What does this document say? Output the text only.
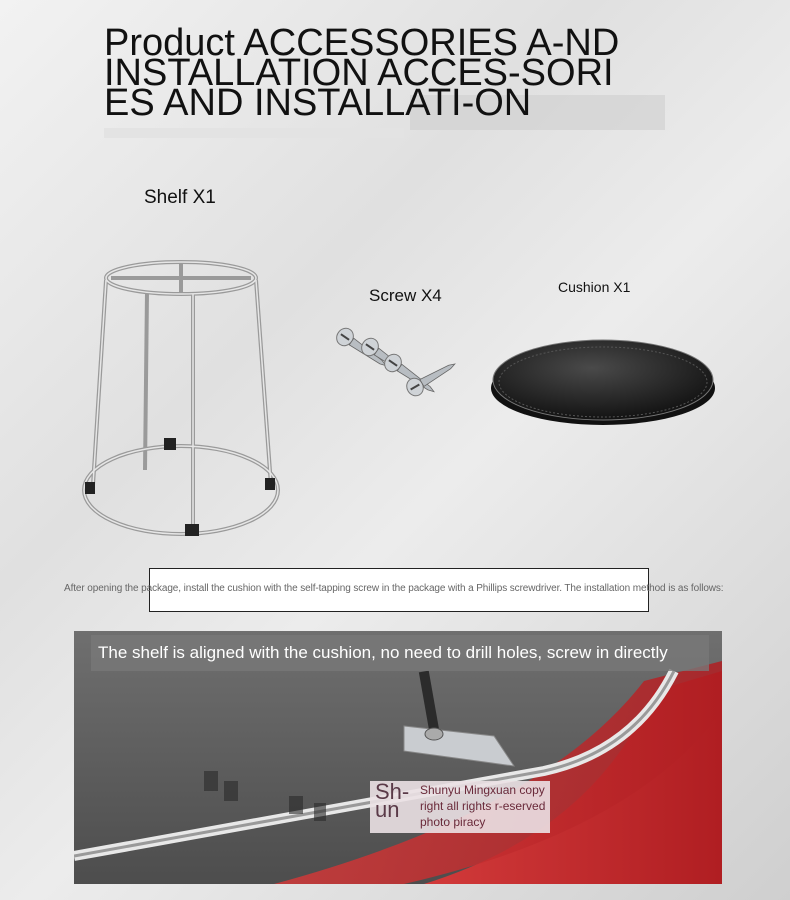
Product ACCESSORIES A-ND INSTALLATION ACCES-SORIES AND INSTALLATI-ON
Shelf X1
Screw X4	Cushion X1
After opening the package, install the cushion with the self-tapping screw in the package with a Phillips screwdriver. The installation method is as follows:
The shelf is aligned with the cushion, no need to drill holes, screw in directly
Sh-un
Shunyu Mingxuan copyright all rights r-eserved photo piracy
